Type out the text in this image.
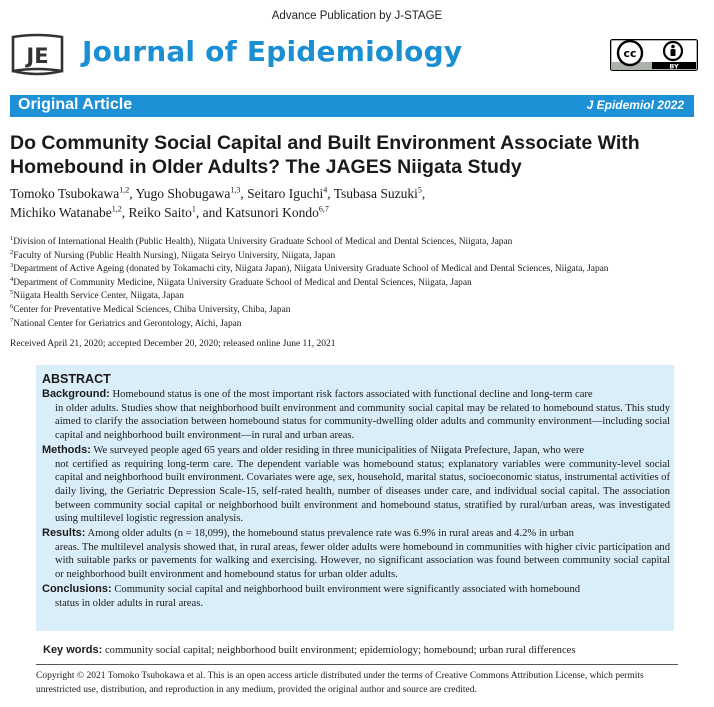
Advance Publication by J-STAGE
JE Journal of Epidemiology	cc
BY
Original Article	J Epidemiol 2022
Do Community Social Capital and Built Environment Associate With Homebound in Older Adults? The JAGES Niigata Study
Tomoko Tsubokawa$^{1,2}$, Yugo Shobugawa$^{1,3}$, Seitaro Iguchi$^4$, Tsubasa Suzuki$^5$,
Michiko Watanabe$^{1,2}$, Reiko Saito$^1$, and Katsunori Kondo$^{6,7}$
$^1$Division of International Health (Public Health), Niigata University Graduate School of Medical and Dental Sciences, Niigata, Japan
$^2$Faculty of Nursing (Public Health Nursing), Niigata Seiryo University, Niigata, Japan
$^3$Department of Active Ageing (donated by Tokamachi city, Niigata Japan), Niigata University Graduate School of Medical and Dental Sciences, Niigata, Japan
$^4$Department of Community Medicine, Niigata University Graduate School of Medical and Dental Sciences, Niigata, Japan
$^5$Niigata Health Service Center, Niigata, Japan
$^6$Center for Preventative Medical Sciences, Chiba University, Chiba, Japan
$^7$National Center for Geriatrics and Gerontology, Aichi, Japan
Received April 21, 2020; accepted December 20, 2020; released online June 11, 2021
ABSTRACT
Background: Homebound status is one of the most important risk factors associated with functional decline and long-term care
in older adults. Studies show that neighborhood built environment and community social capital may be related to homebound status. This study aimed to clarify the association between homebound status for community-dwelling older adults and community environment—including social capital and neighborhood built environment—in rural and urban areas.
Methods: We surveyed people aged 65 years and older residing in three municipalities of Niigata Prefecture, Japan, who were
not certified as requiring long-term care. The dependent variable was homebound status; explanatory variables were community-level social capital and neighborhood built environment. Covariates were age, sex, household, marital status, socioeconomic status, instrumental activities of daily living, the Geriatric Depression Scale-15, self-rated health, number of diseases under care, and individual social capital. The association between community social capital or neighborhood built environment and homebound status, stratified by rural/urban areas, was investigated using multilevel logistic regression analysis.
Results: Among older adults (n = 18,099), the homebound status prevalence rate was 6.9% in rural areas and 4.2% in urban
areas. The multilevel analysis showed that, in rural areas, fewer older adults were homebound in communities with higher civic participation and with suitable parks or pavements for walking and exercising. However, no significant association was found between community social capital or neighborhood built environment and homebound status for urban older adults.
Conclusions: Community social capital and neighborhood built environment were significantly associated with homebound
status in older adults in rural areas.
Key words: community social capital; neighborhood built environment; epidemiology; homebound; urban rural differences
Copyright © 2021 Tomoko Tsubokawa et al. This is an open access article distributed under the terms of Creative Commons Attribution License, which permits unrestricted use, distribution, and reproduction in any medium, provided the original author and source are credited.
